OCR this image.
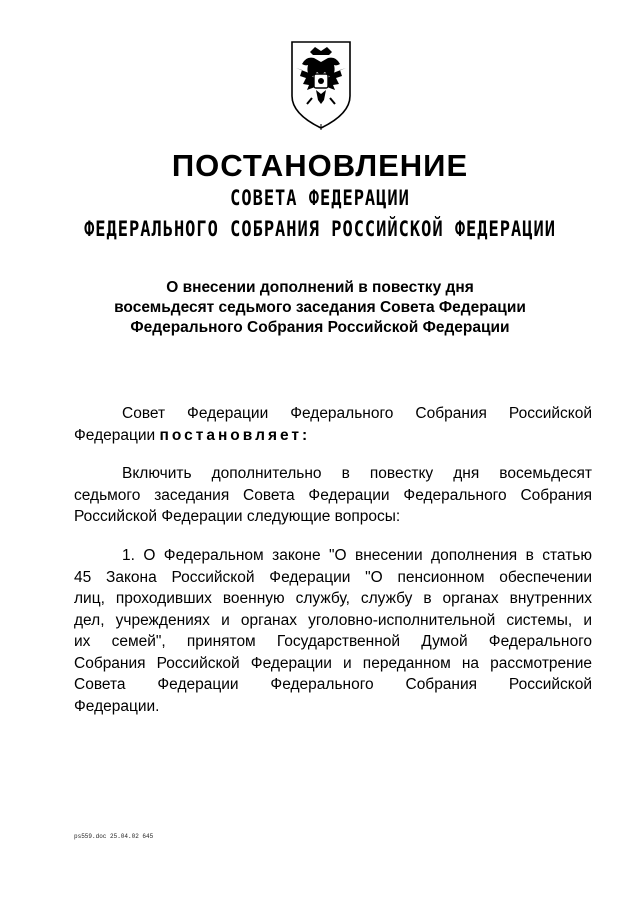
ПОСТАНОВЛЕНИЕ
СОВЕТА ФЕДЕРАЦИИ
ФЕДЕРАЛЬНОГО СОБРАНИЯ РОССИЙСКОЙ ФЕДЕРАЦИИ
О внесении дополнений в повестку дня
восемьдесят седьмого заседания Совета Федерации
Федерального Собрания Российской Федерации
Совет Федерации Федерального Собрания Российской
Федерации постановляет:
Включить дополнительно в повестку дня восемьдесят
седьмого заседания Совета Федерации Федерального Собрания
Российской Федерации следующие вопросы:
1. О Федеральном законе "О внесении дополнения в статью
45 Закона Российской Федерации "О пенсионном обеспечении
лиц, проходивших военную службу, службу в органах внутренних
дел, учреждениях и органах уголовно-исполнительной системы, и
их семей", принятом Государственной Думой Федерального
Собрания Российской Федерации и переданном на рассмотрение
Совета Федерации Федерального Собрания Российской
Федерации.
ps559.doc 25.04.02 645
